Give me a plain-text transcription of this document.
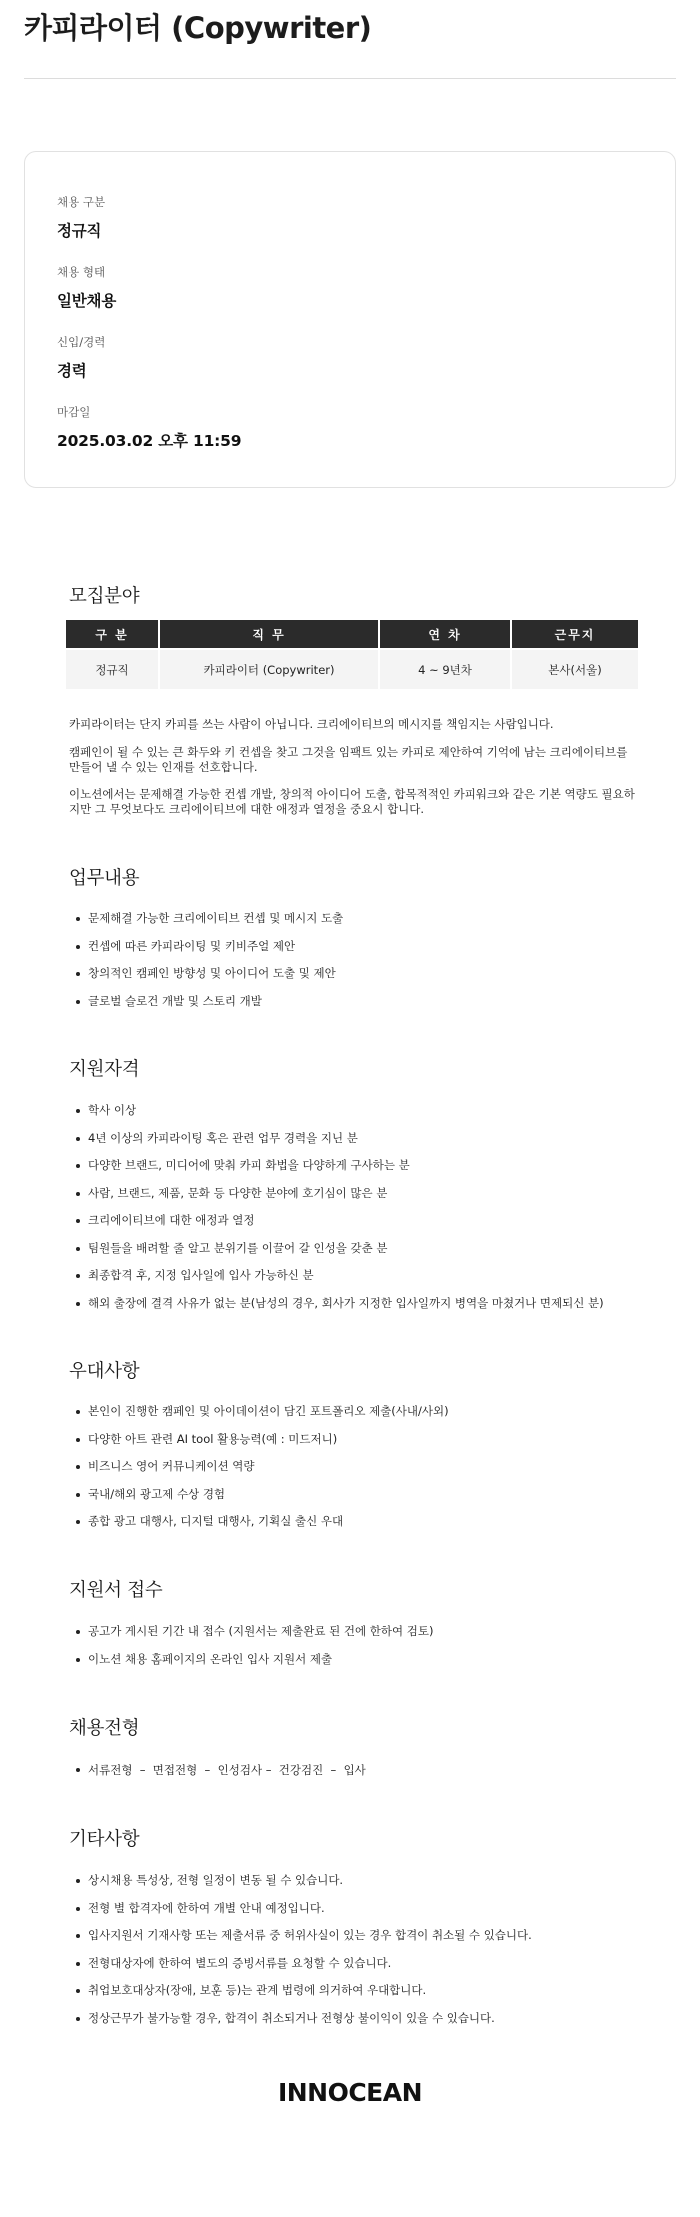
카피라이터 (Copywriter)
채용 구분
정규직
채용 형태
일반채용
신입/경력
경력
마감일
2025.03.02 오후 11:59
모집분야
구 분	직 무	연 차	근무지
정규직	카피라이터 (Copywriter)	4 ~ 9년차	본사(서울)

카피라이터는 단지 카피를 쓰는 사람이 아닙니다. 크리에이티브의 메시지를 책임지는 사람입니다.

캠페인이 될 수 있는 큰 화두와 키 컨셉을 찾고 그것을 임팩트 있는 카피로 제안하여 기억에 남는 크리에이티브를 만들어 낼 수 있는 인재를 선호합니다.

이노션에서는 문제해결 가능한 컨셉 개발, 창의적 아이디어 도출, 합목적적인 카피워크와 같은 기본 역량도 필요하지만 그 무엇보다도 크리에이티브에 대한 애정과 열정을 중요시 합니다.

업무내용
문제해결 가능한 크리에이티브 컨셉 및 메시지 도출
컨셉에 따른 카피라이팅 및 키비주얼 제안
창의적인 캠페인 방향성 및 아이디어 도출 및 제안
글로벌 슬로건 개발 및 스토리 개발
지원자격
학사 이상
4년 이상의 카피라이팅 혹은 관련 업무 경력을 지닌 분
다양한 브랜드, 미디어에 맞춰 카피 화법을 다양하게 구사하는 분
사람, 브랜드, 제품, 문화 등 다양한 분야에 호기심이 많은 분
크리에이티브에 대한 애정과 열정
팀원들을 배려할 줄 알고 분위기를 이끌어 갈 인성을 갖춘 분
최종합격 후, 지정 입사일에 입사 가능하신 분
해외 출장에 결격 사유가 없는 분(남성의 경우, 회사가 지정한 입사일까지 병역을 마쳤거나 면제되신 분)
우대사항
본인이 진행한 캠페인 및 아이데이션이 담긴 포트폴리오 제출(사내/사외)
다양한 아트 관련 AI tool 활용능력(예 : 미드저니)
비즈니스 영어 커뮤니케이션 역량
국내/해외 광고제 수상 경험
종합 광고 대행사, 디지털 대행사, 기획실 출신 우대
지원서 접수
공고가 게시된 기간 내 접수 (지원서는 제출완료 된 건에 한하여 검토)
이노션 채용 홈페이지의 온라인 입사 지원서 제출
채용전형
서류전형  –  면접전형  –  인성검사 –  건강검진  –  입사
기타사항
상시채용 특성상, 전형 일정이 변동 될 수 있습니다.
전형 별 합격자에 한하여 개별 안내 예정입니다.
입사지원서 기재사항 또는 제출서류 중 허위사실이 있는 경우 합격이 취소될 수 있습니다.
전형대상자에 한하여 별도의 증빙서류를 요청할 수 있습니다.
취업보호대상자(장애, 보훈 등)는 관계 법령에 의거하여 우대합니다.
정상근무가 불가능할 경우, 합격이 취소되거나 전형상 불이익이 있을 수 있습니다.
INNOCEAN
